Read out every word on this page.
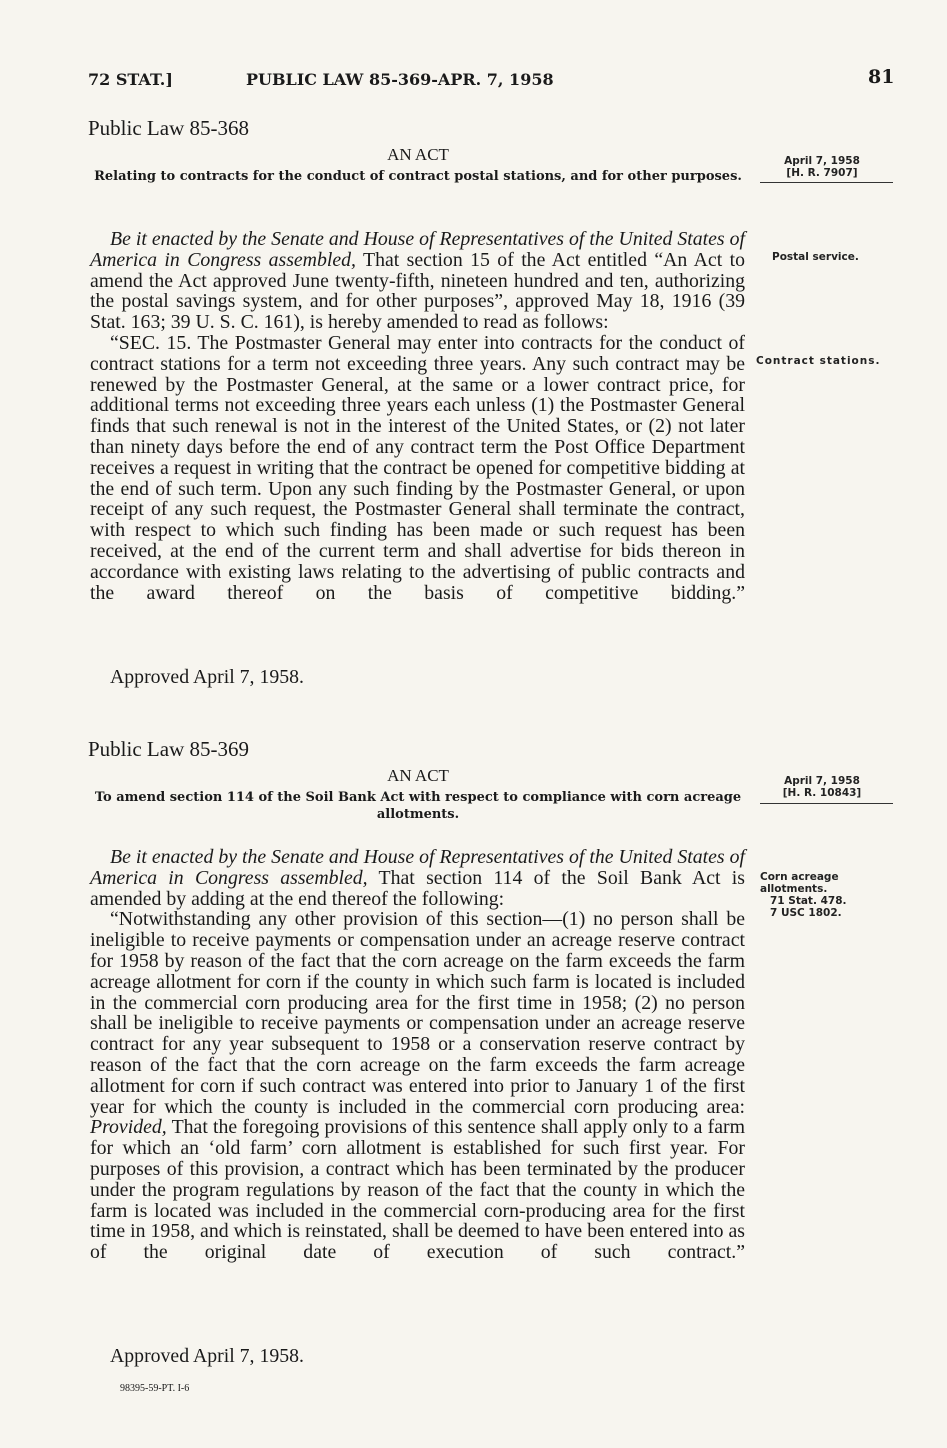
72 STAT.]	PUBLIC LAW 85-369-APR. 7, 1958	81
Public Law 85-368
AN ACT
Relating to contracts for the conduct of contract postal stations, and for other purposes.
April 7, 1958
[H. R. 7907]
Postal service.
Contract stations.

Be it enacted by the Senate and House of Representatives of the United States of America in Congress assembled, That section 15 of the Act entitled “An Act to amend the Act approved June twenty-fifth, nineteen hundred and ten, authorizing the postal savings system, and for other purposes”, approved May 18, 1916 (39 Stat. 163; 39 U. S. C. 161), is hereby amended to read as follows:

“SEC. 15. The Postmaster General may enter into contracts for the conduct of contract stations for a term not exceeding three years. Any such contract may be renewed by the Postmaster General, at the same or a lower contract price, for additional terms not exceeding three years each unless (1) the Postmaster General finds that such renewal is not in the interest of the United States, or (2) not later than ninety days before the end of any contract term the Post Office Department receives a request in writing that the contract be opened for competitive bidding at the end of such term. Upon any such finding by the Postmaster General, or upon receipt of any such request, the Postmaster General shall terminate the contract, with respect to which such finding has been made or such request has been received, at the end of the current term and shall advertise for bids thereon in accordance with existing laws relating to the advertising of public contracts and the award thereof on the basis of competitive bidding.”

Approved April 7, 1958.
Public Law 85-369
AN ACT
To amend section 114 of the Soil Bank Act with respect to compliance with corn acreage allotments.
April 7, 1958
[H. R. 10843]
Corn acreage allotments.
71 Stat. 478.
7 USC 1802.

Be it enacted by the Senate and House of Representatives of the United States of America in Congress assembled, That section 114 of the Soil Bank Act is amended by adding at the end thereof the following:

“Notwithstanding any other provision of this section—(1) no person shall be ineligible to receive payments or compensation under an acreage reserve contract for 1958 by reason of the fact that the corn acreage on the farm exceeds the farm acreage allotment for corn if the county in which such farm is located is included in the commercial corn producing area for the first time in 1958; (2) no person shall be ineligible to receive payments or compensation under an acreage reserve contract for any year subsequent to 1958 or a conservation reserve contract by reason of the fact that the corn acreage on the farm exceeds the farm acreage allotment for corn if such contract was entered into prior to January 1 of the first year for which the county is included in the commercial corn producing area: Provided, That the foregoing provisions of this sentence shall apply only to a farm for which an ‘old farm’ corn allotment is established for such first year. For purposes of this provision, a contract which has been terminated by the producer under the program regulations by reason of the fact that the county in which the farm is located was included in the commercial corn-producing area for the first time in 1958, and which is reinstated, shall be deemed to have been entered into as of the original date of execution of such contract.”

Approved April 7, 1958.
98395-59-PT. I-6
